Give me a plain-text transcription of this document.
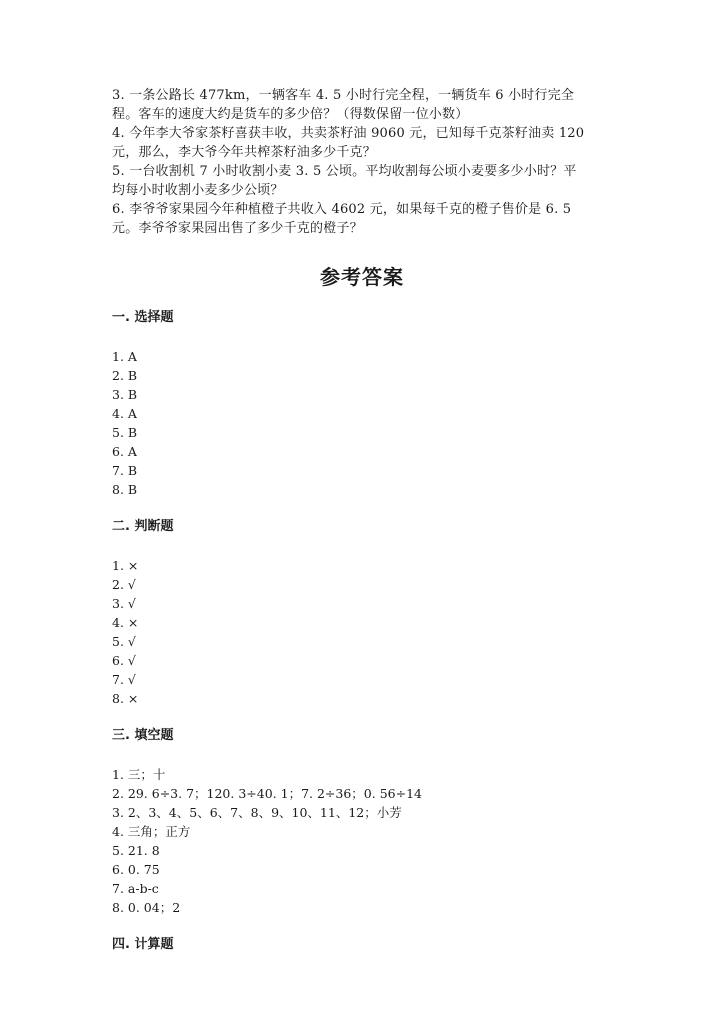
3. 一条公路长 477km，一辆客车 4. 5 小时行完全程，一辆货车 6 小时行完全
程。客车的速度大约是货车的多少倍？（得数保留一位小数）
4. 今年李大爷家茶籽喜获丰收，共卖茶籽油 9060 元，已知每千克茶籽油卖 120
元，那么，李大爷今年共榨茶籽油多少千克？
5. 一台收割机 7 小时收割小麦 3. 5 公顷。平均收割每公顷小麦要多少小时？平
均每小时收割小麦多少公顷？
6. 李爷爷家果园今年种植橙子共收入 4602 元，如果每千克的橙子售价是 6. 5
元。李爷爷家果园出售了多少千克的橙子？
参考答案
一. 选择题
1. A
2. B
3. B
4. A
5. B
6. A
7. B
8. B
二. 判断题
1. ×
2. √
3. √
4. ×
5. √
6. √
7. √
8. ×
三. 填空题
1. 三；十
2. 29. 6÷3. 7；120. 3÷40. 1；7. 2÷36；0. 56÷14
3. 2、3、4、5、6、7、8、9、10、11、12；小芳
4. 三角；正方
5. 21. 8
6. 0. 75
7. a-b-c
8. 0. 04；2
四. 计算题
